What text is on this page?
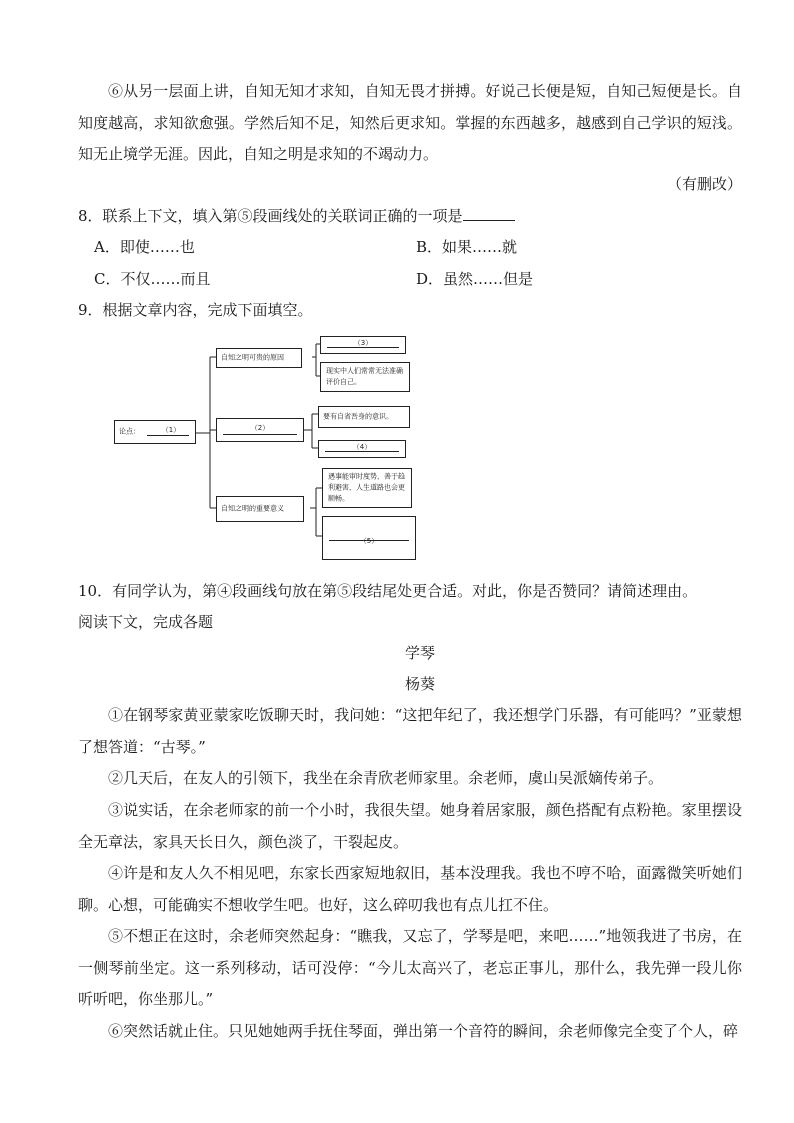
⑥从另一层面上讲，自知无知才求知，自知无畏才拼搏。好说己长便是短，自知己短便是长。自知度越高，求知欲愈强。学然后知不足，知然后更求知。掌握的东西越多，越感到自己学识的短浅。知无止境学无涯。因此，自知之明是求知的不竭动力。

（有删改）
8．联系上下文，填入第⑤段画线处的关联词正确的一项是
A．即使……也	B．如果……就
C．不仅……而且	D．虽然……但是
9．根据文章内容，完成下面填空。
论点：	（1）
自知之明可贵的原因
（2）
自知之明的重要意义
（3）
现实中人们常常无法准确评价自己。
要有自省吾身的意识。
（4）
遇事能审时度势，善于趋利避害，人生道路也会更顺畅。
（5）
10．有同学认为，第④段画线句放在第⑤段结尾处更合适。对此，你是否赞同？请简述理由。
阅读下文，完成各题
学琴
杨葵

①在钢琴家黄亚蒙家吃饭聊天时，我问她：“这把年纪了，我还想学门乐器，有可能吗？”亚蒙想了想答道：“古琴。”

②几天后，在友人的引领下，我坐在余青欣老师家里。余老师，虞山吴派嫡传弟子。

③说实话，在余老师家的前一个小时，我很失望。她身着居家服，颜色搭配有点粉艳。家里摆设全无章法，家具天长日久，颜色淡了，干裂起皮。

④许是和友人久不相见吧，东家长西家短地叙旧，基本没理我。我也不哼不哈，面露微笑听她们聊。心想，可能确实不想收学生吧。也好，这么碎叨我也有点儿扛不住。

⑤不想正在这时，余老师突然起身：“瞧我，又忘了，学琴是吧，来吧……”地领我进了书房，在一侧琴前坐定。这一系列移动，话可没停：“今儿太高兴了，老忘正事儿，那什么，我先弹一段儿你听听吧，你坐那儿。”

⑥突然话就止住。只见她她两手抚住琴面，弹出第一个音符的瞬间，余老师像完全变了个人，碎
